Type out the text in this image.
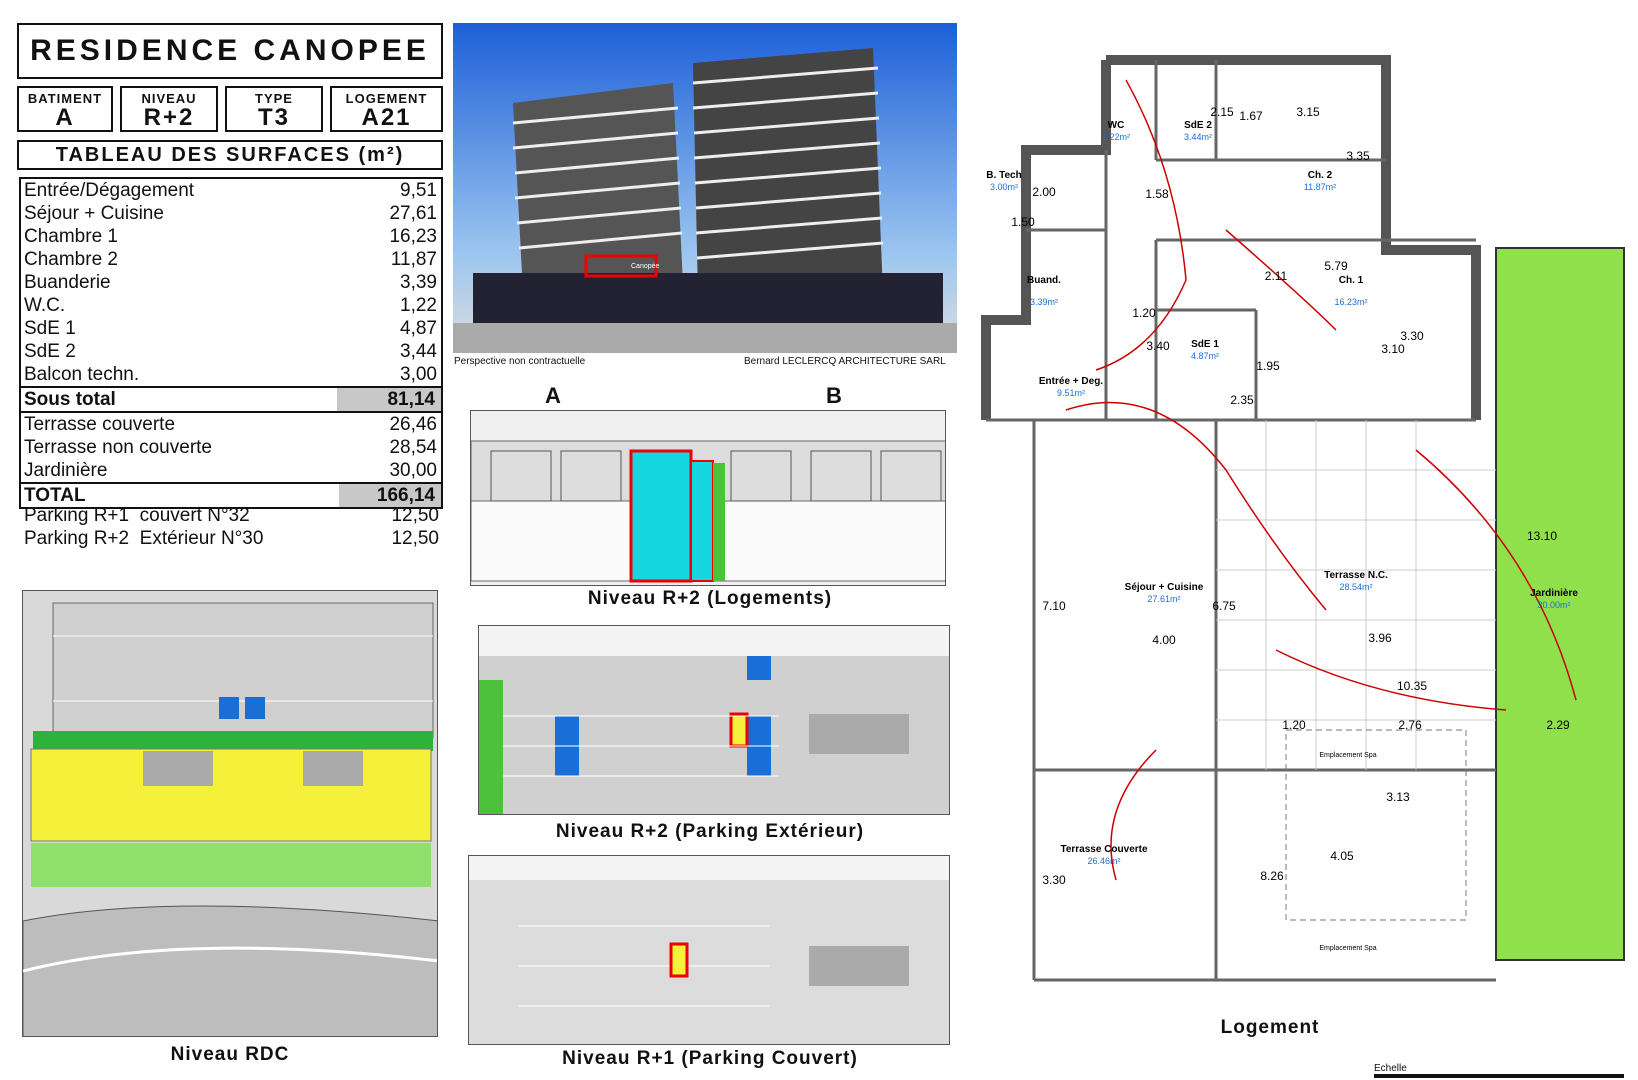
RESIDENCE CANOPEE
BATIMENT
A
NIVEAU
R+2
TYPE
T3
LOGEMENT
A21
TABLEAU DES SURFACES (m²)
Entrée/Dégagement	9,51
Séjour + Cuisine	27,61
Chambre 1	16,23
Chambre 2	11,87
Buanderie	3,39
W.C.	1,22
SdE 1	4,87
SdE 2	3,44
Balcon techn.	3,00
Sous total	81,14
Terrasse couverte	26,46
Terrasse non couverte	28,54
Jardinière	30,00
TOTAL	166,14
Parking R+1  couvert N°32	12,50
Parking R+2  Extérieur N°30	12,50
Niveau RDC
Canopée
Perspective non contractuelle	Bernard LECLERCQ ARCHITECTURE SARL
A	B
Niveau R+2 (Logements)
Niveau R+2 (Parking Extérieur)
Niveau R+1 (Parking Couvert)
WC	SdE 2
B. Tech	Ch. 2
Buand.	Ch. 1
SdE 1
Entrée + Deg.
Séjour + Cuisine
Terrasse N.C.
Jardinière
Terrasse Couverte
1.22m²	3.44m²
3.00m²	11.87m²
3.39m²	16.23m²
4.87m²
9.51m²
27.61m²
28.54m²
30.00m²
26.46m²
3.15
3.35
2.15 1.67
1.58
2.00
1.50
5.79
2.11
1.20
3.40
1.95
3.30
3.10
2.35
7.10	6.75
4.00	3.96
10.35
1.20	2.76	2.29
13.10
3.13
4.05
8.26
3.30
Emplacement Spa
Emplacement Spa
Logement
Echelle
